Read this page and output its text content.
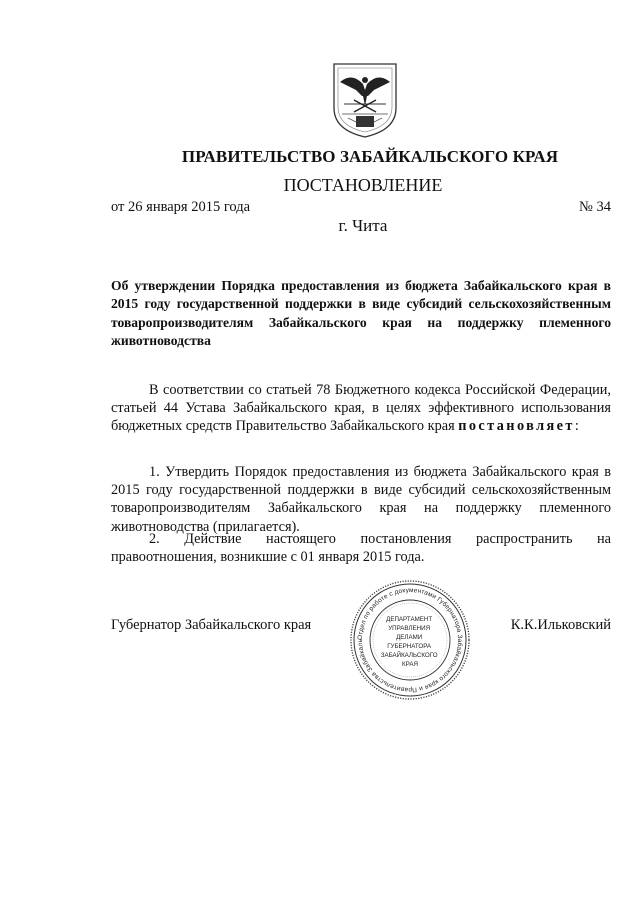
ПРАВИТЕЛЬСТВО ЗАБАЙКАЛЬСКОГО КРАЯ
ПОСТАНОВЛЕНИЕ
от 26 января 2015 года	№ 34
г. Чита
Об утверждении Порядка предоставления из бюджета Забайкальского края в 2015 году государственной поддержки в виде субсидий сельскохозяйственным товаропроизводителям Забайкальского края на поддержку племенного животноводства

В соответствии со статьей 78 Бюджетного кодекса Российской Федерации, статьей 44 Устава Забайкальского края, в целях эффективного использования бюджетных средств Правительство Забайкальского края постановляет:

1. Утвердить Порядок предоставления из бюджета Забайкальского края в 2015 году государственной поддержки в виде субсидий сельскохозяйственным товаропроизводителям Забайкальского края на поддержку племенного животноводства (прилагается).

2. Действие настоящего постановления распространить на правоотношения, возникшие с 01 января 2015 года.

Губернатор Забайкальского края	К.К.Ильковский
Отдел по работе с документами Губернатора Забайкальского края и Правительства Забайкаль
ДЕПАРТАМЕНТ УПРАВЛЕНИЯ ДЕЛАМИ ГУБЕРНАТОРА ЗАБАЙКАЛЬСКОГО КРАЯ
